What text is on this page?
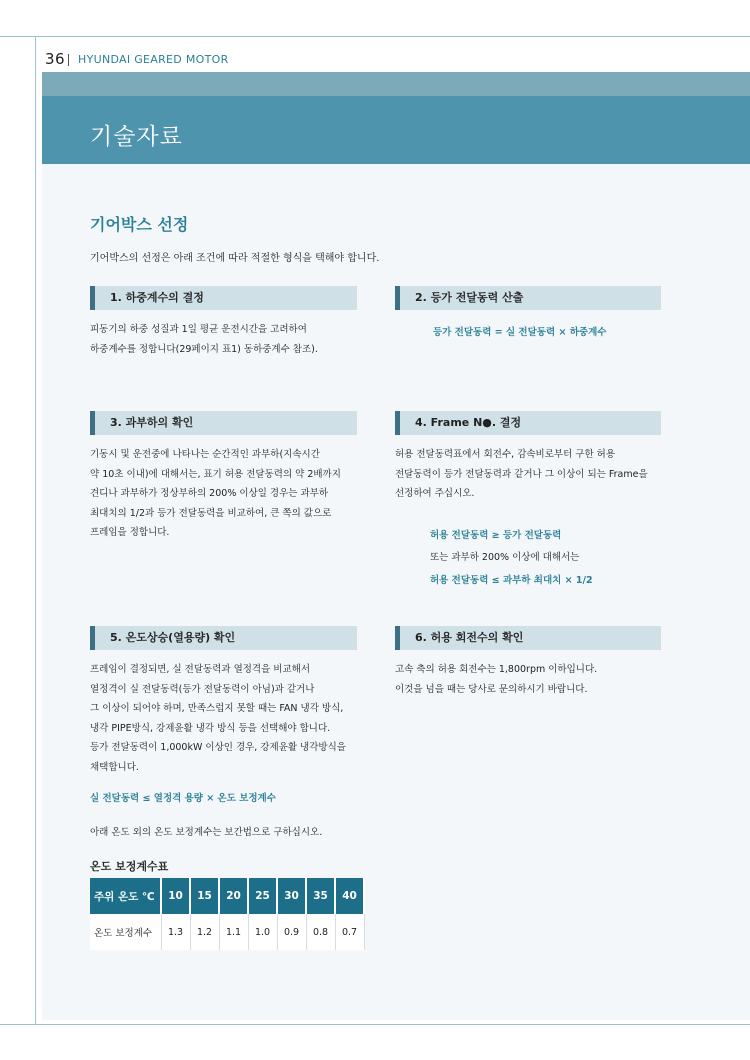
36 HYUNDAI GEARED MOTOR
기술자료
기어박스 선정
기어박스의 선정은 아래 조건에 따라 적절한 형식을 택해야 합니다.
1. 하중계수의 결정
피동기의 하중 성질과 1일 평균 운전시간을 고려하여
하중계수를 정합니다(29페이지 표1) 동하중계수 참조).
2. 등가 전달동력 산출
등가 전달동력 = 실 전달동력 × 하중계수
3. 과부하의 확인
기동시 및 운전중에 나타나는 순간적인 과부하(지속시간
약 10초 이내)에 대해서는, 표기 허용 전달동력의 약 2배까지
견디나 과부하가 정상부하의 200% 이상일 경우는 과부하
최대치의 1/2과 등가 전달동력을 비교하여, 큰 쪽의 값으로
프레임을 정합니다.
4. Frame N●. 결정
허용 전달동력표에서 회전수, 감속비로부터 구한 허용
전달동력이 등가 전달동력과 같거나 그 이상이 되는 Frame을
선정하여 주십시오.
허용 전달동력 ≥ 등가 전달동력
또는 과부하 200% 이상에 대해서는
허용 전달동력 ≤ 과부하 최대치 × 1/2
5. 온도상승(열용량) 확인
프레임이 결정되면, 실 전달동력과 열정격을 비교해서
열정격이 실 전달동력(등가 전달동력이 아님)과 같거나
그 이상이 되어야 하며, 만족스럽지 못할 때는 FAN 냉각 방식,
냉각 PIPE방식, 강제윤활 냉각 방식 등을 선택해야 합니다.
등가 전달동력이 1,000kW 이상인 경우, 강제윤활 냉각방식을
채택합니다.
실 전달동력 ≤ 열정격 용량 × 온도 보정계수
아래 온도 외의 온도 보정계수는 보간법으로 구하십시오.
6. 허용 회전수의 확인
고속 축의 허용 회전수는 1,800rpm 이하입니다.
이것을 넘을 때는 당사로 문의하시기 바랍니다.
온도 보정계수표
주위 온도 ℃	10	15	20	25	30	35	40
온도 보정계수	1.3	1.2	1.1	1.0	0.9	0.8	0.7
